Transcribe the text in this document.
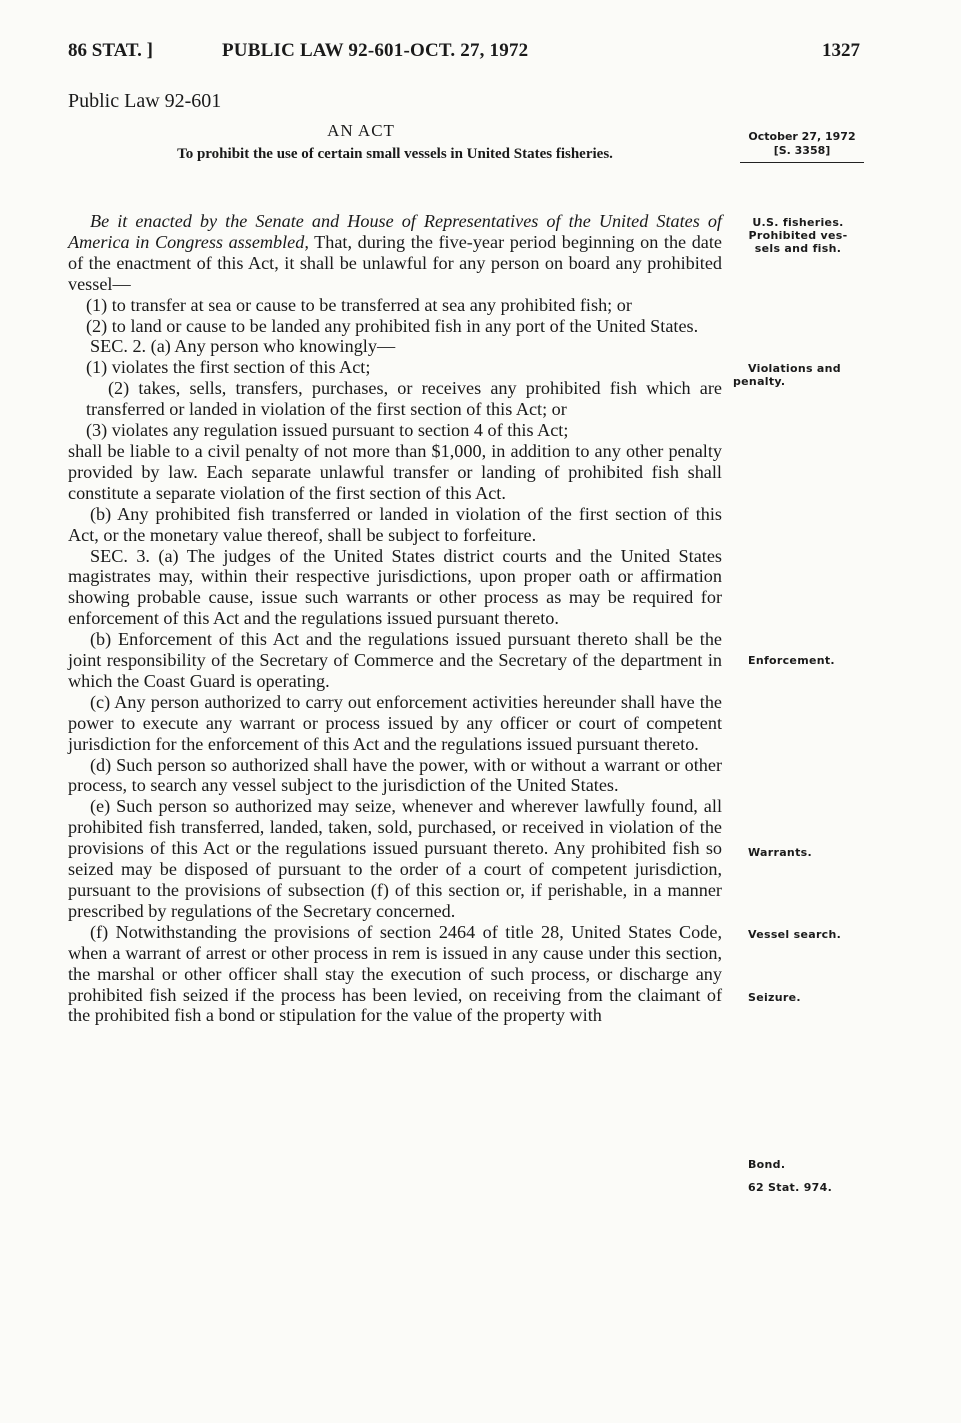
86 STAT. ]	PUBLIC LAW 92-601-OCT. 27, 1972	1327
Public Law 92-601
AN ACT
To prohibit the use of certain small vessels in United States fisheries.
October 27, 1972
[S. 3358]

Be it enacted by the Senate and House of Representatives of the United States of America in Congress assembled, That, during the five-year period beginning on the date of the enactment of this Act, it shall be unlawful for any person on board any prohibited vessel—

(1) to transfer at sea or cause to be transferred at sea any prohibited fish; or

(2) to land or cause to be landed any prohibited fish in any port of the United States.

SEC. 2. (a) Any person who knowingly—

(1) violates the first section of this Act;

(2) takes, sells, transfers, purchases, or receives any prohibited fish which are transferred or landed in violation of the first section of this Act; or

(3) violates any regulation issued pursuant to section 4 of this Act;

shall be liable to a civil penalty of not more than $1,000, in addition to any other penalty provided by law. Each separate unlawful transfer or landing of prohibited fish shall constitute a separate violation of the first section of this Act.

(b) Any prohibited fish transferred or landed in violation of the first section of this Act, or the monetary value thereof, shall be subject to forfeiture.

SEC. 3. (a) The judges of the United States district courts and the United States magistrates may, within their respective jurisdictions, upon proper oath or affirmation showing probable cause, issue such warrants or other process as may be required for enforcement of this Act and the regulations issued pursuant thereto.

(b) Enforcement of this Act and the regulations issued pursuant thereto shall be the joint responsibility of the Secretary of Commerce and the Secretary of the department in which the Coast Guard is operating.

(c) Any person authorized to carry out enforcement activities hereunder shall have the power to execute any warrant or process issued by any officer or court of competent jurisdiction for the enforcement of this Act and the regulations issued pursuant thereto.

(d) Such person so authorized shall have the power, with or without a warrant or other process, to search any vessel subject to the jurisdiction of the United States.

(e) Such person so authorized may seize, whenever and wherever lawfully found, all prohibited fish transferred, landed, taken, sold, purchased, or received in violation of the provisions of this Act or the regulations issued pursuant thereto. Any prohibited fish so seized may be disposed of pursuant to the order of a court of competent jurisdiction, pursuant to the provisions of subsection (f) of this section or, if perishable, in a manner prescribed by regulations of the Secretary concerned.

(f) Notwithstanding the provisions of section 2464 of title 28, United States Code, when a warrant of arrest or other process in rem is issued in any cause under this section, the marshal or other officer shall stay the execution of such process, or discharge any prohibited fish seized if the process has been levied, on receiving from the claimant of the prohibited fish a bond or stipulation for the value of the property with

U.S. fisheries.
Prohibited ves-
sels and fish.
Violations and
penalty.
Enforcement.
Warrants.
Vessel search.
Seizure.
Bond.
62 Stat. 974.
